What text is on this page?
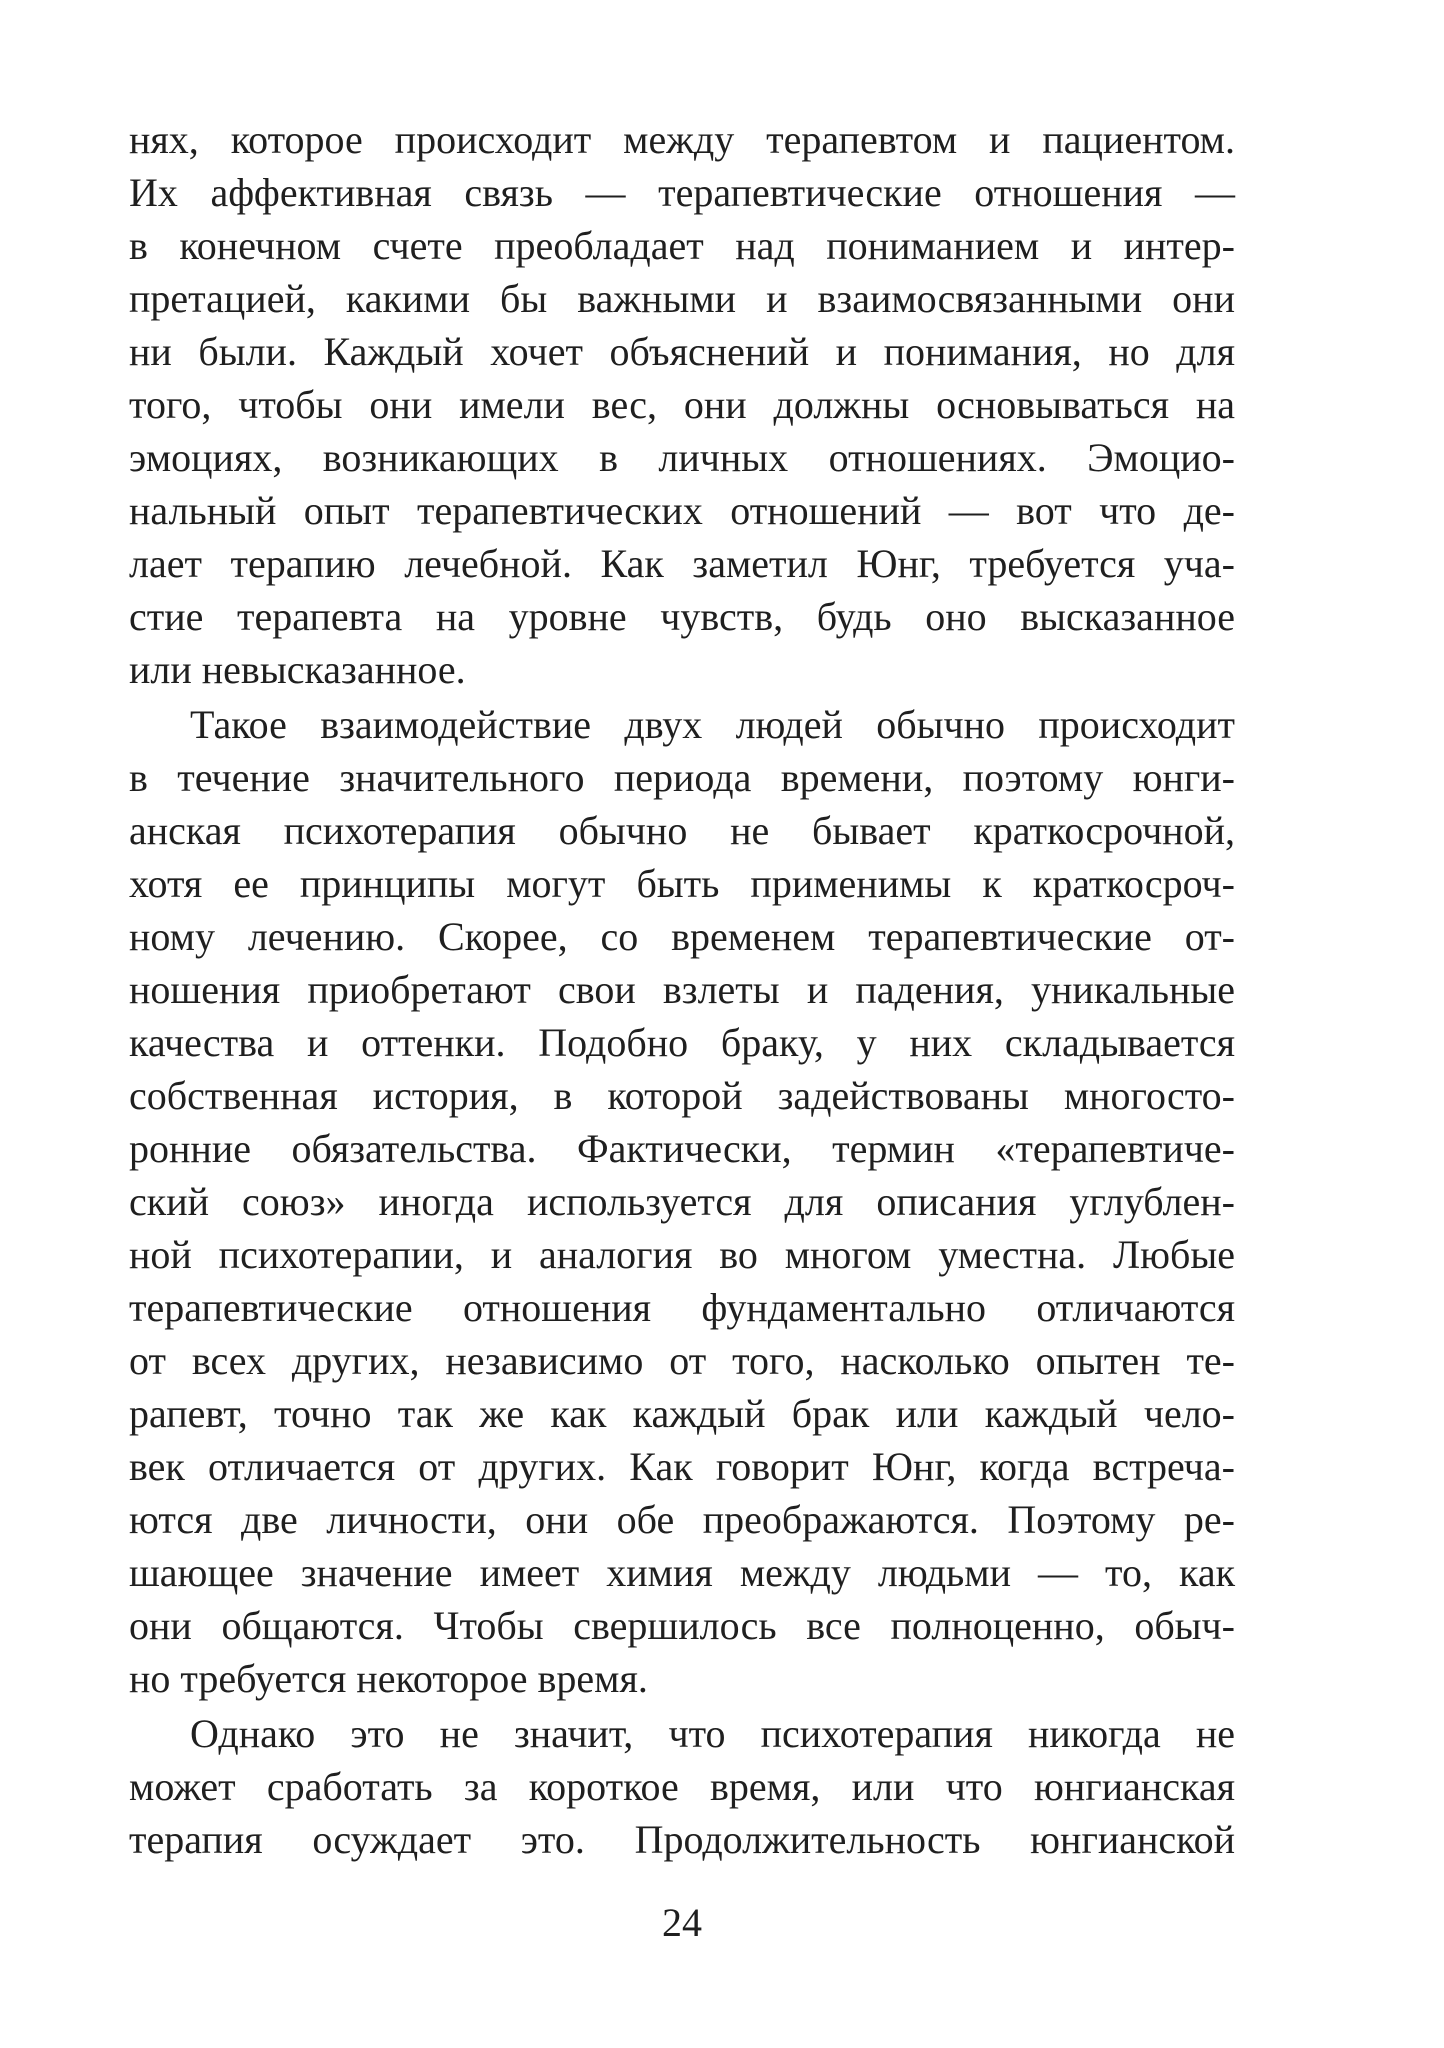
нях, которое происходит между терапевтом и пациентом.
Их аффективная связь — терапевтические отношения —
в конечном счете преобладает над пониманием и интер-
претацией, какими бы важными и взаимосвязанными они
ни были. Каждый хочет объяснений и понимания, но для
того, чтобы они имели вес, они должны основываться на
эмоциях, возникающих в личных отношениях. Эмоцио-
нальный опыт терапевтических отношений — вот что де-
лает терапию лечебной. Как заметил Юнг, требуется уча-
стие терапевта на уровне чувств, будь оно высказанное
или невысказанное.
Такое взаимодействие двух людей обычно происходит
в течение значительного периода времени, поэтому юнги-
анская психотерапия обычно не бывает краткосрочной,
хотя ее принципы могут быть применимы к краткосроч-
ному лечению. Скорее, со временем терапевтические от-
ношения приобретают свои взлеты и падения, уникальные
качества и оттенки. Подобно браку, у них складывается
собственная история, в которой задействованы многосто-
ронние обязательства. Фактически, термин «терапевтиче-
ский союз» иногда используется для описания углублен-
ной психотерапии, и аналогия во многом уместна. Любые
терапевтические отношения фундаментально отличаются
от всех других, независимо от того, насколько опытен те-
рапевт, точно так же как каждый брак или каждый чело-
век отличается от других. Как говорит Юнг, когда встреча-
ются две личности, они обе преображаются. Поэтому ре-
шающее значение имеет химия между людьми — то, как
они общаются. Чтобы свершилось все полноценно, обыч-
но требуется некоторое время.
Однако это не значит, что психотерапия никогда не
может сработать за короткое время, или что юнгианская
терапия осуждает это. Продолжительность юнгианской
24
